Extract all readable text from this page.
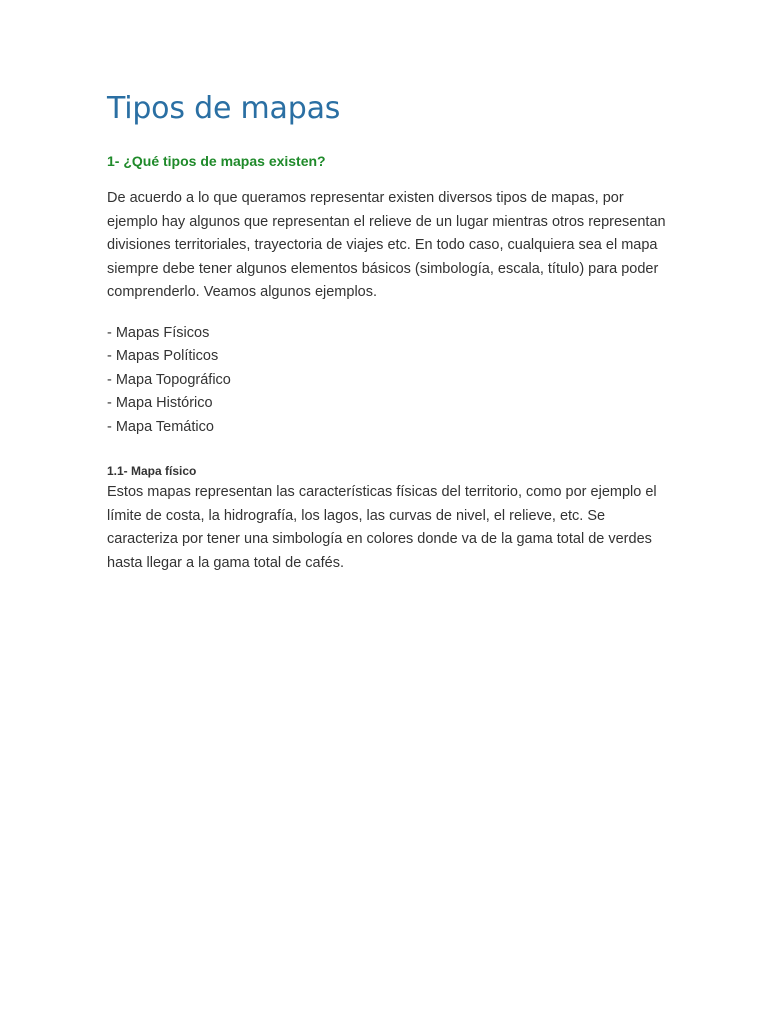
Tipos de mapas
1- ¿Qué tipos de mapas existen?

De acuerdo a lo que queramos representar existen diversos tipos de mapas, por ejemplo hay algunos que representan el relieve de un lugar mientras otros representan divisiones territoriales, trayectoria de viajes etc. En todo caso, cualquiera sea el mapa siempre debe tener algunos elementos básicos (simbología, escala, título) para poder comprenderlo. Veamos algunos ejemplos.

- Mapas Físicos
- Mapas Políticos
- Mapa Topográfico
- Mapa Histórico
- Mapa Temático
1.1- Mapa físico

Estos mapas representan las características físicas del territorio, como por ejemplo el límite de costa, la hidrografía, los lagos, las curvas de nivel, el relieve, etc. Se caracteriza por tener una simbología en colores donde va de la gama total de verdes hasta llegar a la gama total de cafés.
